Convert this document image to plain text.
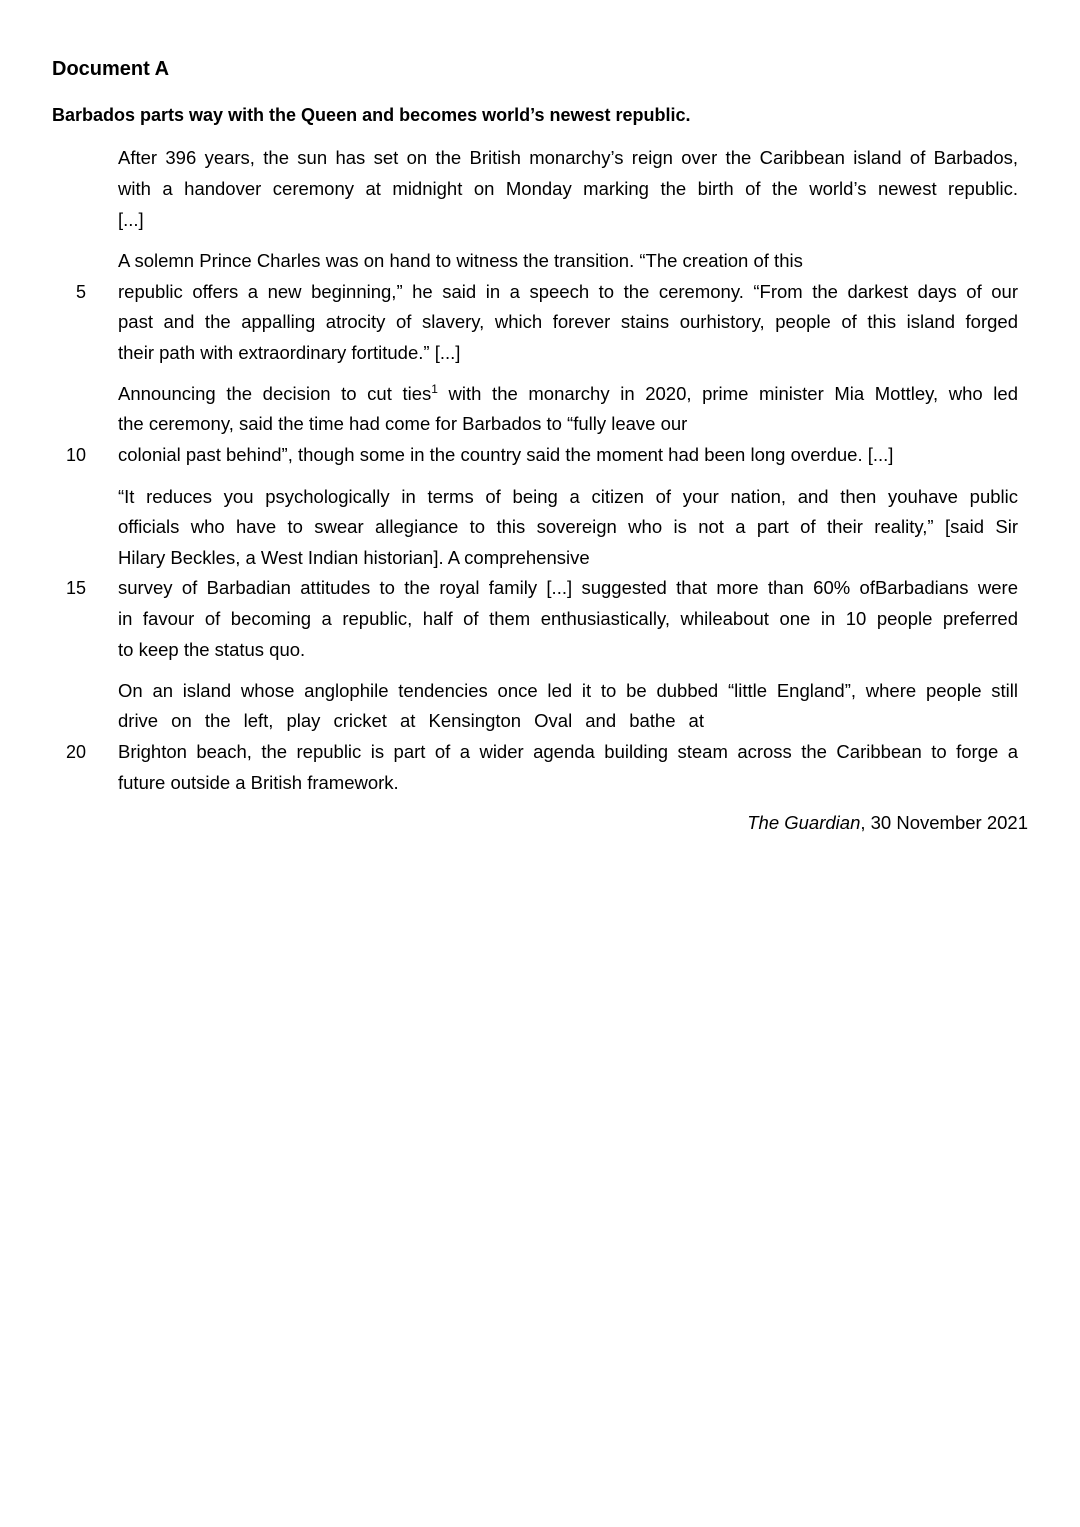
Document A
Barbados parts way with the Queen and becomes world’s newest republic.
After 396 years, the sun has set on the British monarchy’s reign over the Caribbean island of Barbados,
with a handover ceremony at midnight on Monday marking the birth of the world’s newest republic.
[...]
A solemn Prince Charles was on hand to witness the transition. “The creation of this
5 republic offers a new beginning,” he said in a speech to the ceremony. “From the darkest days of our
past and the appalling atrocity of slavery, which forever stains ourhistory, people of this island forged
their path with extraordinary fortitude.” [...]
Announcing the decision to cut ties$^1$ with the monarchy in 2020, prime minister Mia Mottley, who led
the ceremony, said the time had come for Barbados to “fully leave our
10 colonial past behind”, though some in the country said the moment had been long overdue. [...]
“It reduces you psychologically in terms of being a citizen of your nation, and then youhave public
officials who have to swear allegiance to this sovereign who is not a part of their reality,” [said Sir
Hilary Beckles, a West Indian historian]. A comprehensive
15 survey of Barbadian attitudes to the royal family [...] suggested that more than 60% ofBarbadians were
in favour of becoming a republic, half of them enthusiastically, whileabout one in 10 people preferred
to keep the status quo.
On an island whose anglophile tendencies once led it to be dubbed “little England”, where people still
drive on the left, play cricket at Kensington Oval and bathe at
20 Brighton beach, the republic is part of a wider agenda building steam across the Caribbean to forge a
future outside a British framework.
The Guardian, 30 November 2021
